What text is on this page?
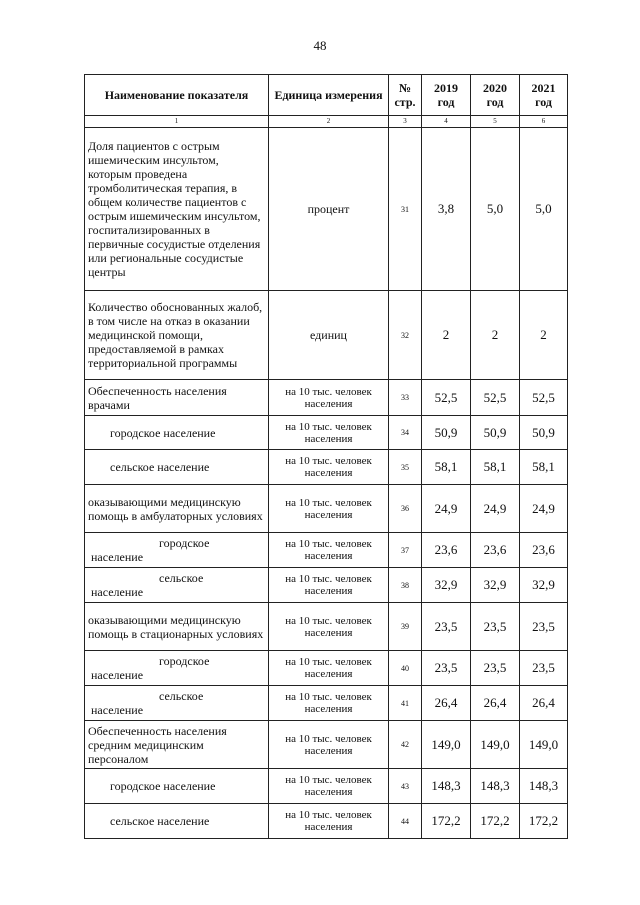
48
Наименование показателя	Единица измерения	№ стр.	2019 год	2020 год	2021 год
1	2	3	4	5	6
Доля пациентов с острым ишемическим инсультом, которым проведена тромболитическая терапия, в общем количестве пациентов с острым ишемическим инсультом, госпитализированных в первичные сосудистые отделения или региональные сосудистые центры	процент	31	3,8	5,0	5,0
Количество обоснованных жалоб, в том числе на отказ в оказании медицинской помощи, предоставляемой в рамках территориальной программы	единиц	32	2	2	2
Обеспеченность населения врачами	на 10 тыс. человек населения	33	52,5	52,5	52,5
городское население	на 10 тыс. человек населения	34	50,9	50,9	50,9
сельское население	на 10 тыс. человек населения	35	58,1	58,1	58,1
оказывающими медицинскую помощь в амбулаторных условиях	на 10 тыс. человек населения	36	24,9	24,9	24,9

городское
население	на 10 тыс. человек населения	37	23,6	23,6	23,6

сельское
население	на 10 тыс. человек населения	38	32,9	32,9	32,9
оказывающими медицинскую помощь в стационарных условиях	на 10 тыс. человек населения	39	23,5	23,5	23,5

городское
население	на 10 тыс. человек населения	40	23,5	23,5	23,5

сельское
население	на 10 тыс. человек населения	41	26,4	26,4	26,4
Обеспеченность населения средним медицинским персоналом	на 10 тыс. человек населения	42	149,0	149,0	149,0
городское население	на 10 тыс. человек населения	43	148,3	148,3	148,3
сельское население	на 10 тыс. человек населения	44	172,2	172,2	172,2
